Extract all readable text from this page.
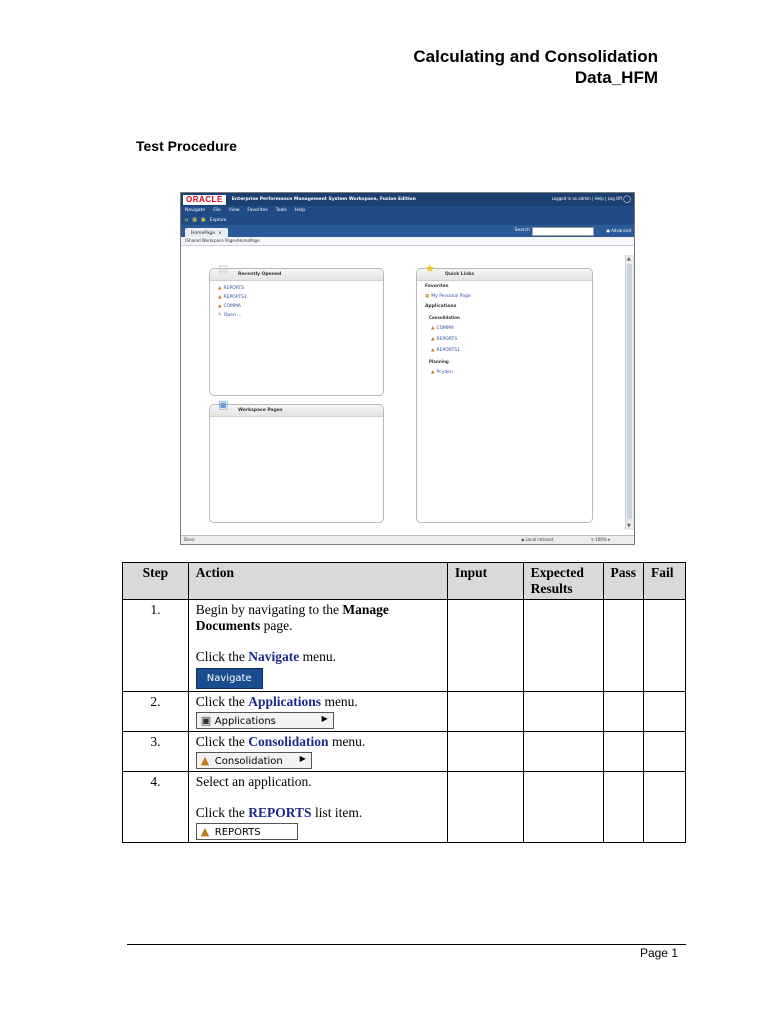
Calculating and Consolidation
Data_HFM
Test Procedure
ORACLE	Enterprise Performance Management System Workspace, Fusion Edition	Logged in as admin | Help | Log Off ◯
Navigate File View Favorites Tools Help
⌂ ▦ ▣ Explore
HomePage ✕	Search	● Advanced
[Shared Workspace Pages/HomePage
▤ Recently Opened
▲ REPORTS
▲ REPORTS1
▲ COMMA
✎ Open ...
▣ Workspace Pages
★ Quick Links
Favorites
▦ My Personal Page
Applications
Consolidation
▲ COMMA
▲ REPORTS
▲ REPORTS1
Planning
▲ Pcyden
▲
▼
Done	◉ Local intranet	⚲ 100% ▾
Step	Action	Input	Expected Results	Pass	Fail
1.	Begin by navigating to the Manage Documents page.
Click the Navigate menu.
Navigate				
2.	Click the Applications menu.
▣ Applications ▶				

3.	Click the Consolidation menu.
▲ Consolidation ▶				

4.	Select an application.
Click the REPORTS list item.
▲ REPORTS				
Page 1
